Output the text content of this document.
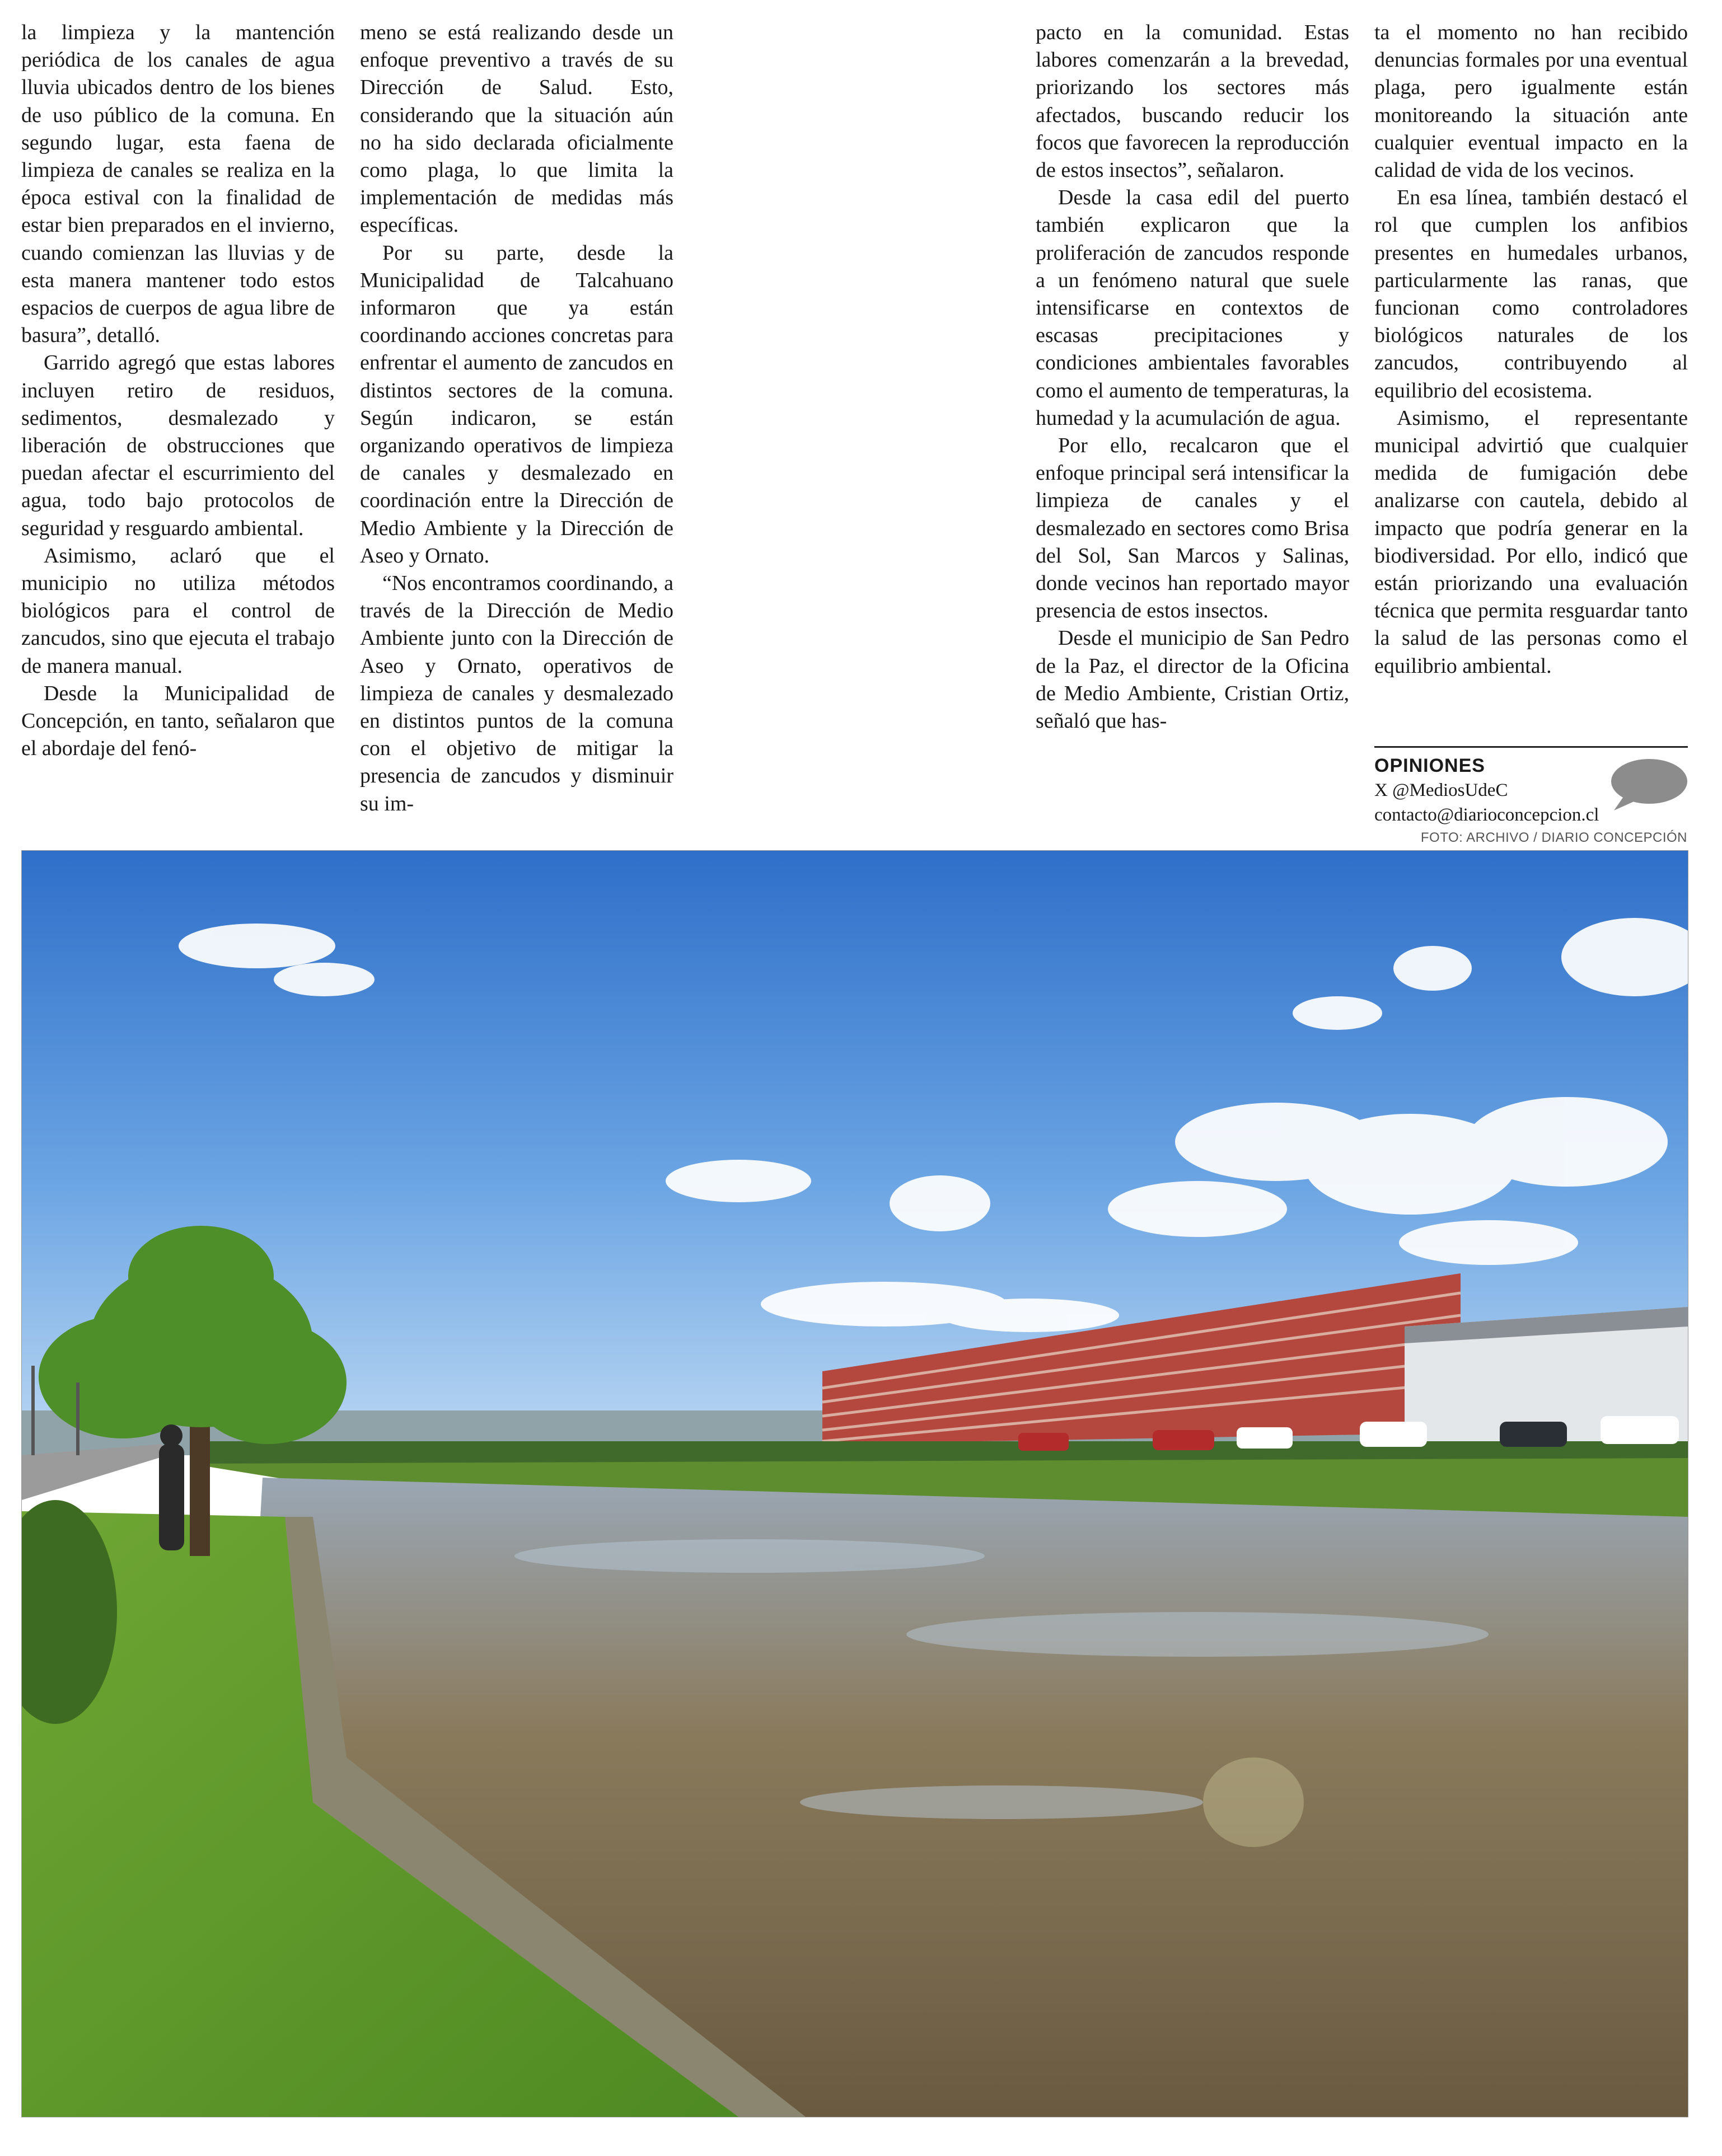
la limpieza y la mantención periódica de los canales de agua lluvia ubicados dentro de los bienes de uso público de la comuna. En segundo lugar, esta faena de limpieza de canales se realiza en la época estival con la finalidad de estar bien preparados en el invierno, cuando comienzan las lluvias y de esta manera mantener todo estos espacios de cuerpos de agua libre de basura”, detalló.

Garrido agregó que estas labores incluyen retiro de residuos, sedimentos, desmalezado y liberación de obstrucciones que puedan afectar el escurrimiento del agua, todo bajo protocolos de seguridad y resguardo ambiental.

Asimismo, aclaró que el municipio no utiliza métodos biológicos para el control de zancudos, sino que ejecuta el trabajo de manera manual.

Desde la Municipalidad de Concepción, en tanto, señalaron que el abordaje del fenó-

meno se está realizando desde un enfoque preventivo a través de su Dirección de Salud. Esto, considerando que la situación aún no ha sido declarada oficialmente como plaga, lo que limita la implementación de medidas más específicas.

Por su parte, desde la Municipalidad de Talcahuano informaron que ya están coordinando acciones concretas para enfrentar el aumento de zancudos en distintos sectores de la comuna. Según indicaron, se están organizando operativos de limpieza de canales y desmalezado en coordinación entre la Dirección de Medio Ambiente y la Dirección de Aseo y Ornato.

“Nos encontramos coordinando, a través de la Dirección de Medio Ambiente junto con la Dirección de Aseo y Ornato, operativos de limpieza de canales y desmalezado en distintos puntos de la comuna con el objetivo de mitigar la presencia de zancudos y disminuir su im-

pacto en la comunidad. Estas labores comenzarán a la brevedad, priorizando los sectores más afectados, buscando reducir los focos que favorecen la reproducción de estos insectos”, señalaron.

Desde la casa edil del puerto también explicaron que la proliferación de zancudos responde a un fenómeno natural que suele intensificarse en contextos de escasas precipitaciones y condiciones ambientales favorables como el aumento de temperaturas, la humedad y la acumulación de agua.

Por ello, recalcaron que el enfoque principal será intensificar la limpieza de canales y el desmalezado en sectores como Brisa del Sol, San Marcos y Salinas, donde vecinos han reportado mayor presencia de estos insectos.

Desde el municipio de San Pedro de la Paz, el director de la Oficina de Medio Ambiente, Cristian Ortiz, señaló que has-

ta el momento no han recibido denuncias formales por una eventual plaga, pero igualmente están monitoreando la situación ante cualquier eventual impacto en la calidad de vida de los vecinos.

En esa línea, también destacó el rol que cumplen los anfibios presentes en humedales urbanos, particularmente las ranas, que funcionan como controladores biológicos naturales de los zancudos, contribuyendo al equilibrio del ecosistema.

Asimismo, el representante municipal advirtió que cualquier medida de fumigación debe analizarse con cautela, debido al impacto que podría generar en la biodiversidad. Por ello, indicó que están priorizando una evaluación técnica que permita resguardar tanto la salud de las personas como el equilibrio ambiental.

OPINIONES
X @MediosUdeC
contacto@diarioconcepcion.cl
FOTO: ARCHIVO / DIARIO CONCEPCIÓN
